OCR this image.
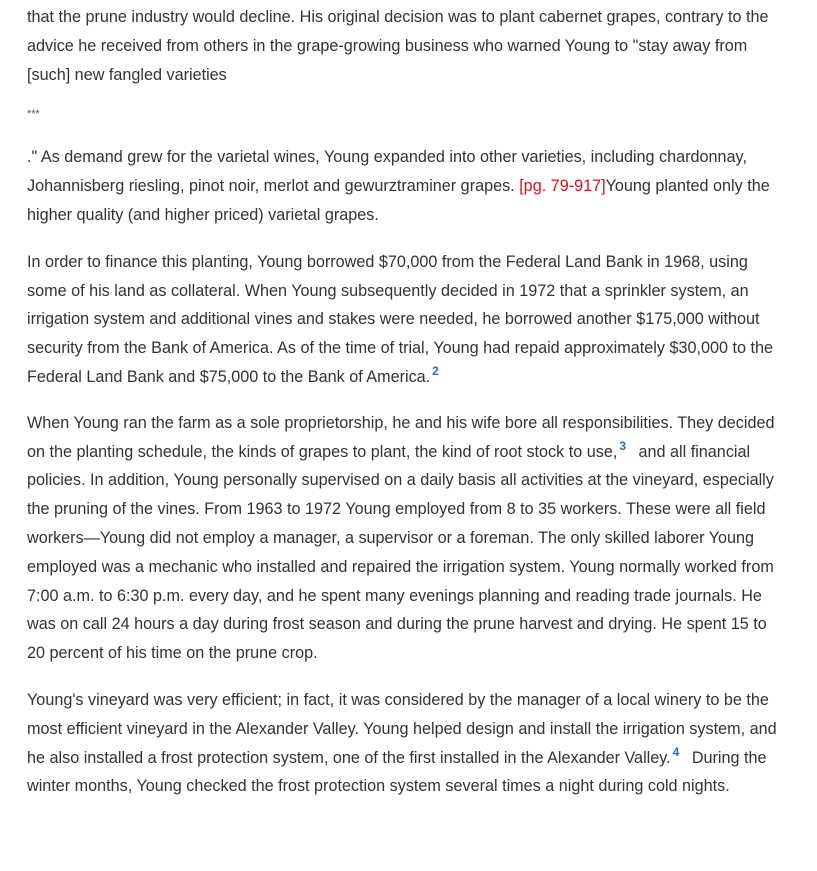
that the prune industry would decline. His original decision was to plant cabernet grapes, contrary to the advice he received from others in the grape-growing business who warned Young to "stay away from [such] new fangled varieties

***

." As demand grew for the varietal wines, Young expanded into other varieties, including chardonnay, Johannisberg riesling, pinot noir, merlot and gewurztraminer grapes. [pg. 79-917]Young planted only the higher quality (and higher priced) varietal grapes.

In order to finance this planting, Young borrowed $70,000 from the Federal Land Bank in 1968, using some of his land as collateral. When Young subsequently decided in 1972 that a sprinkler system, an irrigation system and additional vines and stakes were needed, he borrowed another $175,000 without security from the Bank of America. As of the time of trial, Young had repaid approximately $30,000 to the Federal Land Bank and $75,000 to the Bank of America. $^2$

When Young ran the farm as a sole proprietorship, he and his wife bore all responsibilities. They decided on the planting schedule, the kinds of grapes to plant, the kind of root stock to use, $^3$ and all financial policies. In addition, Young personally supervised on a daily basis all activities at the vineyard, especially the pruning of the vines. From 1963 to 1972 Young employed from 8 to 35 workers. These were all field workers—Young did not employ a manager, a supervisor or a foreman. The only skilled laborer Young employed was a mechanic who installed and repaired the irrigation system. Young normally worked from 7:00 a.m. to 6:30 p.m. every day, and he spent many evenings planning and reading trade journals. He was on call 24 hours a day during frost season and during the prune harvest and drying. He spent 15 to 20 percent of his time on the prune crop.

Young's vineyard was very efficient; in fact, it was considered by the manager of a local winery to be the most efficient vineyard in the Alexander Valley. Young helped design and install the irrigation system, and he also installed a frost protection system, one of the first installed in the Alexander Valley. $^4$ During the winter months, Young checked the frost protection system several times a night during cold nights.
